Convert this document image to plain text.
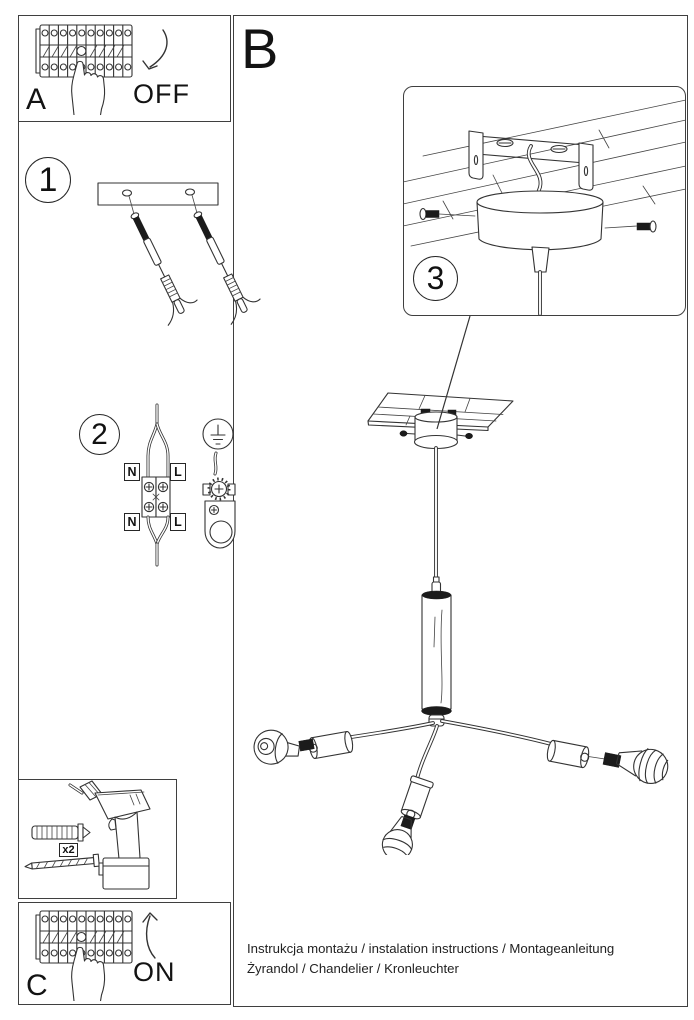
OFF
A
B
1
2
N	L
N	L
3
x2
ON
C
Instrukcja montażu / instalation instructions / Montageanleitung
Żyrandol / Chandelier / Kronleuchter
